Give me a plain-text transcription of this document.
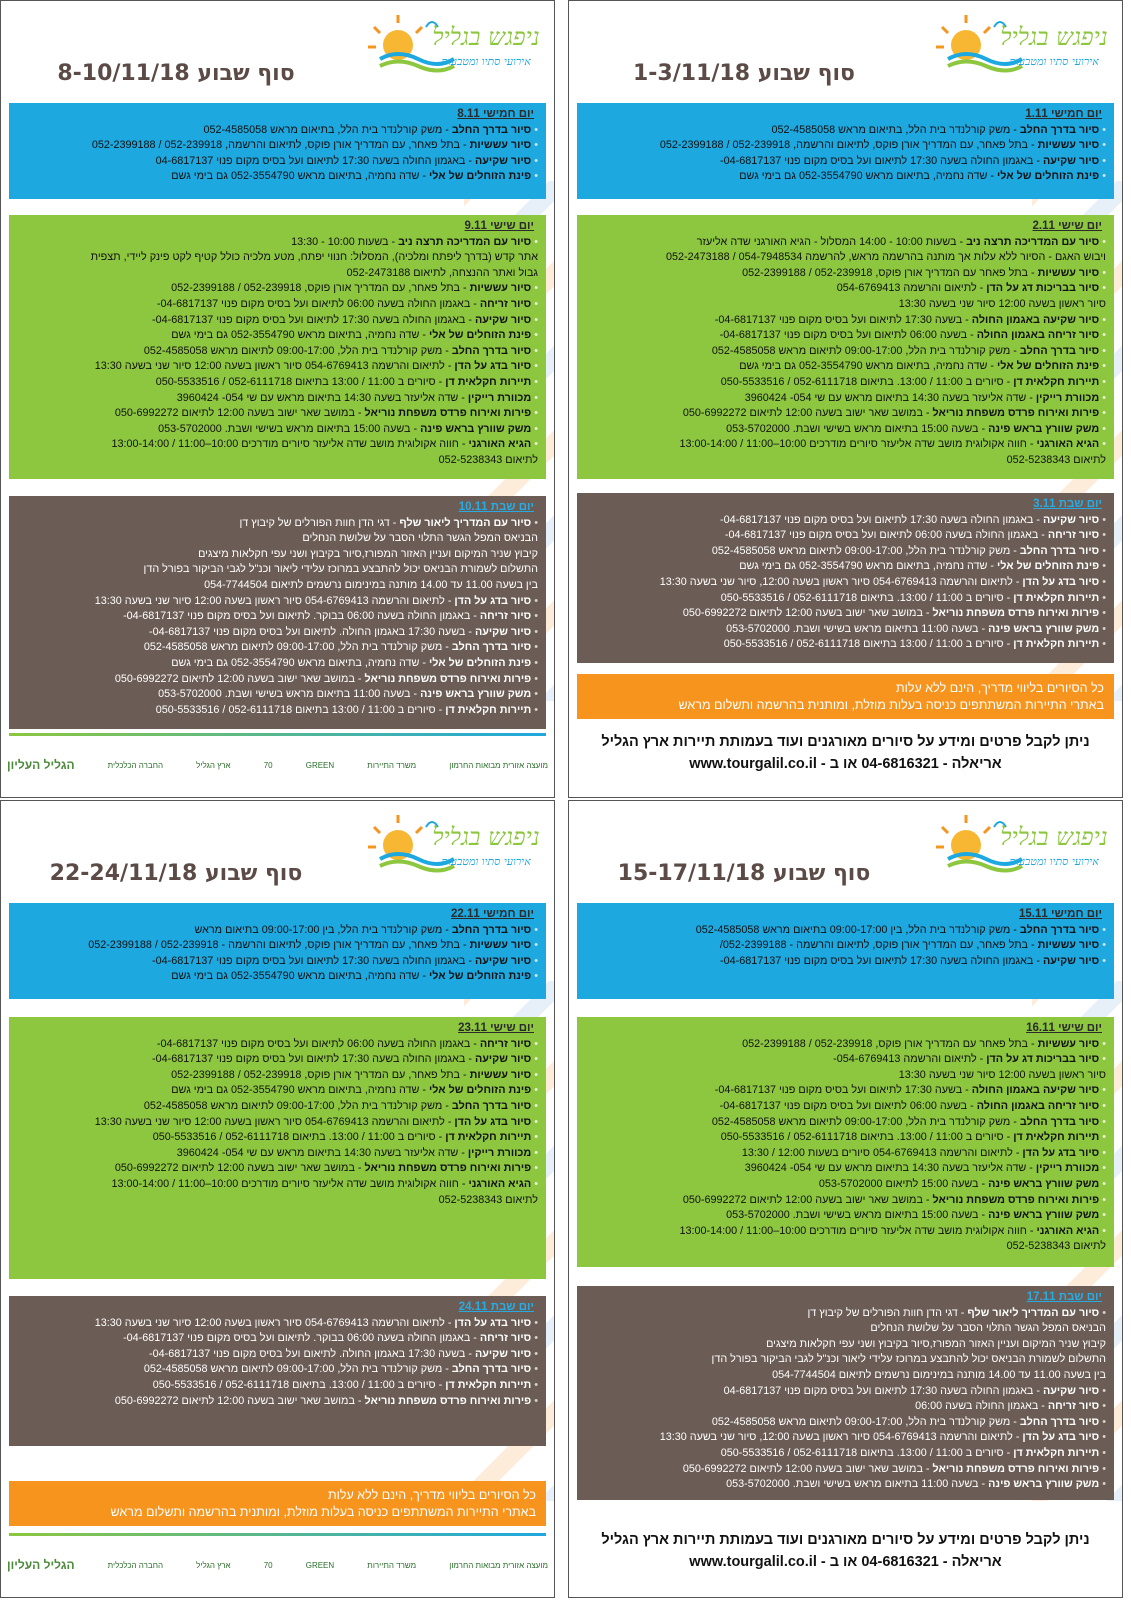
ניפגש בגליל
אירועי סתיו ומטבעות
סוף שבוע 1-3/11/18
יום חמישי 1.11
• סיור בדרך החלב - משק קורלנדר בית הלל, בתיאום מראש 052-4585058
• סיור עששיות - בתל פאחר, עם המדריך אורן פוקס, לתיאום והרשמה, 052-239918 / 052-2399188
• סיור שקיעה - באגמון החולה בשעה 17:30 לתיאום ועל בסיס מקום פנוי 04-6817137-
• פינת הזוחלים של אלי - שדה נחמיה, בתיאום מראש 052-3554790 גם בימי גשם
יום שישי 2.11
• סיור עם המדריכה תרצה ניב - בשעות 10:00 - 14:00 המסלול - הגיא האורגני שדה אליעזר
ויבוש האגם - הסיור ללא עלות אך מותנה בהרשמה מראש, להרשמה 054-7948534 / 052-2473188
• סיור עששיות - בתל פאחר עם המדריך אורן פוקס, 052-239918 / 052-2399188
• סיור בבריכות דג על הדן - לתיאום והרשמה 054-6769413
סיור ראשון בשעה 12:00 סיור שני בשעה 13:30
• סיור שקיעה באגמון החולה - בשעה 17:30 לתיאום ועל בסיס מקום פנוי 04-6817137-
• סיור זריחה באגמון החולה - בשעה 06:00 לתיאום ועל בסיס מקום פנוי 04-6817137-
• סיור בדרך החלב - משק קורלנדר בית הלל, 09:00-17:00 לתיאום מראש 052-4585058
• פינת הזוחלים של אלי - שדה נחמיה, בתיאום מראש 052-3554790 גם בימי גשם
• תיירות חקלאית דן - סיורים ב 11:00 / 13:00. בתיאום 052-6111718 / 050-5533516
• מכוורת רייקין - שדה אליעזר בשעה 14:30 בתיאום מראש עם שי 054- 3960424
• פירות ואירוח פרדס משפחת נוריאל - במושב שאר ישוב בשעה 12:00 לתיאום 050-6992272
• משק שוורץ בראש פינה - בשעה 15:00 בתיאום מראש בשישי ושבת. 053-5702000
• הגיא האורגני - חווה אקולוגית מושב שדה אליעזר סיורים מודרכים 10:00–11:00 / 13:00-14:00
לתיאום 052-5238343
יום שבת 3.11
• סיור שקיעה - באגמון החולה בשעה 17:30 לתיאום ועל בסיס מקום פנוי 04-6817137-
• סיור זריחה - באגמון החולה בשעה 06:00 לתיאום ועל בסיס מקום פנוי 04-6817137-
• סיור בדרך החלב - משק קורלנדר בית הלל, 09:00-17:00 לתיאום מראש 052-4585058
• פינת הזוחלים של אלי - שדה נחמיה, בתיאום מראש 052-3554790 גם בימי גשם
• סיור בדג על הדן - לתיאום והרשמה 054-6769413 סיור ראשון בשעה 12:00, סיור שני בשעה 13:30
• תיירות חקלאית דן - סיורים ב 11:00 / 13:00. בתיאום 052-6111718 / 050-5533516
• פירות ואירוח פרדס משפחת נוריאל - במושב שאר ישוב בשעה 12:00 לתיאום 050-6992272
• משק שוורץ בראש פינה - בשעה 11:00 בתיאום מראש בשישי ושבת. 053-5702000
• תיירות חקלאית דן - סיורים ב 11:00 / 13:00 בתיאום 052-6111718 / 050-5533516
כל הסיורים בליווי מדריך, הינם ללא עלות
באתרי התיירות המשתתפים כניסה בעלות מוזלת, ומותנית בהרשמה ותשלום מראש
ניתן לקבל פרטים ומידע על סיורים מאורגנים ועוד בעמותת תיירות ארץ הגליל
אריאלה - 04-6816321 או ב - www.tourgalil.co.il
ניפגש בגליל
אירועי סתיו ומטבעות
סוף שבוע 8-10/11/18
יום חמישי 8.11
• סיור בדרך החלב - משק קורלנדר בית הלל, בתיאום מראש 052-4585058
• סיור עששיות - בתל פאחר, עם המדריך אורן פוקס, לתיאום והרשמה, 052-239918 / 052-2399188
• סיור שקיעה - באגמון החולה בשעה 17:30 לתיאום ועל בסיס מקום פנוי 04-6817137
• פינת הזוחלים של אלי - שדה נחמיה, בתיאום מראש 052-3554790 גם בימי גשם
יום שישי 9.11
• סיור עם המדריכה תרצה ניב - בשעות 10:00 - 13:30
אתר קדש (בדרך ליפתח ומלכיה), המסלול: חנווי יפתח, מטע מלכיה כולל קטיף לקט פינק ליידי, תצפית
גבול ואתר ההנצחה, לתיאום 052-2473188
• סיור עששיות - בתל פאחר, עם המדריך אורן פוקס, 052-239918 / 052-2399188
• סיור זריחה - באגמון החולה בשעה 06:00 לתיאום ועל בסיס מקום פנוי 04-6817137-
• סיור שקיעה - באגמון החולה בשעה 17:30 לתיאום ועל בסיס מקום פנוי 04-6817137-
• פינת הזוחלים של אלי - שדה נחמיה, בתיאום מראש 052-3554790 גם בימי גשם
• סיור בדרך החלב - משק קורלנדר בית הלל, 09:00-17:00 לתיאום מראש 052-4585058
• סיור בדג על הדן - לתיאום והרשמה 054-6769413 סיור ראשון בשעה 12:00 סיור שני בשעה 13:30
• תיירות חקלאית דן - סיורים ב 11:00 / 13:00 בתיאום 052-6111718 / 050-5533516
• מכוורת רייקין - שדה אליעזר בשעה 14:30 בתיאום מראש עם שי 054- 3960424
• פירות ואירוח פרדס משפחת נוריאל - במושב שאר ישוב בשעה 12:00 לתיאום 050-6992272
• משק שוורץ בראש פינה - בשעה 15:00 בתיאום מראש בשישי ושבת. 053-5702000
• הגיא האורגני - חווה אקולוגית מושב שדה אליעזר סיורים מודרכים 10:00–11:00 / 13:00-14:00
לתיאום 052-5238343
יום שבת 10.11
• סיור עם המדריך ליאור שלף - דגי הדן חוות הפורלים של קיבוץ דן
הבניאס המפל הגשר התלוי הסבר על שלושת הנחלים
קיבוץ שניר המיקום ועניין האזור המפורז,סיור בקיבוץ ושני עפי חקלאות מיצגים
התשלום לשמורת הבניאס יכול להתבצע במרוכז עלידי ליאור וכנ"ל לגבי הביקור בפורל הדן
בין בשעה 11.00 עד 14.00 מותנה במינימום נרשמים לתיאום 054-7744504
• סיור בדג על הדן - לתיאום והרשמה 054-6769413 סיור ראשון בשעה 12:00 סיור שני בשעה 13:30
• סיור זריחה - באגמון החולה בשעה 06:00 בבוקר. לתיאום ועל בסיס מקום פנוי 04-6817137-
• סיור שקיעה - בשעה 17:30 באגמון החולה. לתיאום ועל בסיס מקום פנוי 04-6817137-
• סיור בדרך החלב - משק קורלנדר בית הלל, 09:00-17:00 לתיאום מראש 052-4585058
• פינת הזוחלים של אלי - שדה נחמיה, בתיאום מראש 052-3554790 גם בימי גשם
• פירות ואירוח פרדס משפחת נוריאל - במושב שאר ישוב בשעה 12:00 לתיאום 050-6992272
• משק שוורץ בראש פינה - בשעה 11:00 בתיאום מראש בשישי ושבת. 053-5702000
• תיירות חקלאית דן - סיורים ב 11:00 / 13:00 בתיאום 052-6111718 / 050-5533516
מועצה אזורית מבואות החרמון
משרד התיירות
GREEN
70
ארץ הגליל
החברה הכלכלית
הגליל העליון
ניפגש בגליל
אירועי סתיו ומטבעות
סוף שבוע 15-17/11/18
יום חמישי 15.11
• סיור בדרך החלב - משק קורלנדר בית הלל, בין 09:00-17:00 בתיאום מראש 052-4585058
• סיור עששיות - בתל פאחר, עם המדריך אורן פוקס, לתיאום והרשמה - 052-2399188/
• סיור שקיעה - באגמון החולה בשעה 17:30 לתיאום ועל בסיס מקום פנוי 04-6817137-
יום שישי 16.11
• סיור עששיות - בתל פאחר עם המדריך אורן פוקס, 052-239918 / 052-2399188
• סיור בבריכות דג על הדן - לתיאום והרשמה 054-6769413-
סיור ראשון בשעה 12:00 סיור שני בשעה 13:30
• סיור שקיעה באגמון החולה - בשעה 17:30 לתיאום ועל בסיס מקום פנוי 04-6817137-
• סיור זריחה באגמון החולה - בשעה 06:00 לתיאום ועל בסיס מקום פנוי 04-6817137-
• סיור בדרך החלב - משק קורלנדר בית הלל, 09:00-17:00 לתיאום מראש 052-4585058
• תיירות חקלאית דן - סיורים ב 11:00 / 13:00. בתיאום 052-6111718 / 050-5533516
• סיור בדג על הדן - לתיאום והרשמה 054-6769413 סיורים בשעות 12:00 / 13:30
• מכוורת רייקין - שדה אליעזר בשעה 14:30 בתיאום מראש עם שי 054- 3960424
• משק שוורץ בראש פינה - בשעה 15:00 לתיאום 053-5702000
• פירות ואירוח פרדס משפחת נוריאל - במושב שאר ישוב בשעה 12:00 לתיאום 050-6992272
• משק שוורץ בראש פינה - בשעה 15:00 בתיאום מראש בשישי ושבת. 053-5702000
• הגיא האורגני - חווה אקולוגית מושב שדה אליעזר סיורים מודרכים 10:00–11:00 / 13:00-14:00
לתיאום 052-5238343
יום שבת 17.11
• סיור עם המדריך ליאור שלף - דגי הדן חוות הפורלים של קיבוץ דן
הבניאס המפל הגשר התלוי הסבר על שלושת הנחלים
קיבוץ שניר המיקום ועניין האזור המפורז,סיור בקיבוץ ושני עפי חקלאות מיצגים
התשלום לשמורת הבניאס יכול להתבצע במרוכז עלידי ליאור וכנ"ל לגבי הביקור בפורל הדן
בין בשעה 11.00 עד 14.00 מותנה במינימום נרשמים לתיאום 054-7744504
• סיור שקיעה - באגמון החולה בשעה 17:30 לתיאום ועל בסיס מקום פנוי 04-6817137
• סיור זריחה - באגמון החולה בשעה 06:00
• סיור בדרך החלב - משק קורלנדר בית הלל, 09:00-17:00 לתיאום מראש 052-4585058
• סיור בדג על הדן - לתיאום והרשמה 054-6769413 סיור ראשון בשעה 12:00, סיור שני בשעה 13:30
• תיירות חקלאית דן - סיורים ב 11:00 / 13:00. בתיאום 052-6111718 / 050-5533516
• פירות ואירוח פרדס משפחת נוריאל - במושב שאר ישוב בשעה 12:00 לתיאום 050-6992272
• משק שוורץ בראש פינה - בשעה 11:00 בתיאום מראש בשישי ושבת. 053-5702000
ניתן לקבל פרטים ומידע על סיורים מאורגנים ועוד בעמותת תיירות ארץ הגליל
אריאלה - 04-6816321 או ב - www.tourgalil.co.il
ניפגש בגליל
אירועי סתיו ומטבעות
סוף שבוע 22-24/11/18
יום חמישי 22.11
• סיור בדרך החלב - משק קורלנדר בית הלל, בין 09:00-17:00 בתיאום מראש
• סיור עששיות - בתל פאחר, עם המדריך אורן פוקס, לתיאום והרשמה - 052-239918 / 052-2399188
• סיור שקיעה - באגמון החולה בשעה 17:30 לתיאום ועל בסיס מקום פנוי 04-6817137-
• פינת הזוחלים של אלי - שדה נחמיה, בתיאום מראש 052-3554790 גם בימי גשם
יום שישי 23.11
• סיור זריחה - באגמון החולה בשעה 06:00 לתיאום ועל בסיס מקום פנוי 04-6817137-
• סיור שקיעה - באגמון החולה בשעה 17:30 לתיאום ועל בסיס מקום פנוי 04-6817137-
• סיור עששיות - בתל פאחר, עם המדריך אורן פוקס, 052-239918 / 052-2399188
• פינת הזוחלים של אלי - שדה נחמיה, בתיאום מראש 052-3554790 גם בימי גשם
• סיור בדרך החלב - משק קורלנדר בית הלל, 09:00-17:00 לתיאום מראש 052-4585058
• סיור בדג על הדן - לתיאום והרשמה 054-6769413 סיור ראשון בשעה 12:00 סיור שני בשעה 13:30
• תיירות חקלאית דן - סיורים ב 11:00 / 13:00. בתיאום 052-6111718 / 050-5533516
• מכוורת רייקין - שדה אליעזר בשעה 14:30 בתיאום מראש עם שי 054- 3960424
• פירות ואירוח פרדס משפחת נוריאל - במושב שאר ישוב בשעה 12:00 לתיאום 050-6992272
• הגיא האורגני - חווה אקולוגית מושב שדה אליעזר סיורים מודרכים 10:00–11:00 / 13:00-14:00
לתיאום 052-5238343
יום שבת 24.11
• סיור בדג על הדן - לתיאום והרשמה 054-6769413 סיור ראשון בשעה 12:00 סיור שני בשעה 13:30
• סיור זריחה - באגמון החולה בשעה 06:00 בבוקר. לתיאום ועל בסיס מקום פנוי 04-6817137-
• סיור שקיעה - בשעה 17:30 באגמון החולה. לתיאום ועל בסיס מקום פנוי 04-6817137-
• סיור בדרך החלב - משק קורלנדר בית הלל, 09:00-17:00 לתיאום מראש 052-4585058
• תיירות חקלאית דן - סיורים ב 11:00 / 13:00. בתיאום 052-6111718 / 050-5533516
• פירות ואירוח פרדס משפחת נוריאל - במושב שאר ישוב בשעה 12:00 לתיאום 050-6992272
כל הסיורים בליווי מדריך, הינם ללא עלות
באתרי התיירות המשתתפים כניסה בעלות מוזלת, ומותנית בהרשמה ותשלום מראש
מועצה אזורית מבואות החרמון
משרד התיירות
GREEN
70
ארץ הגליל
החברה הכלכלית
הגליל העליון
